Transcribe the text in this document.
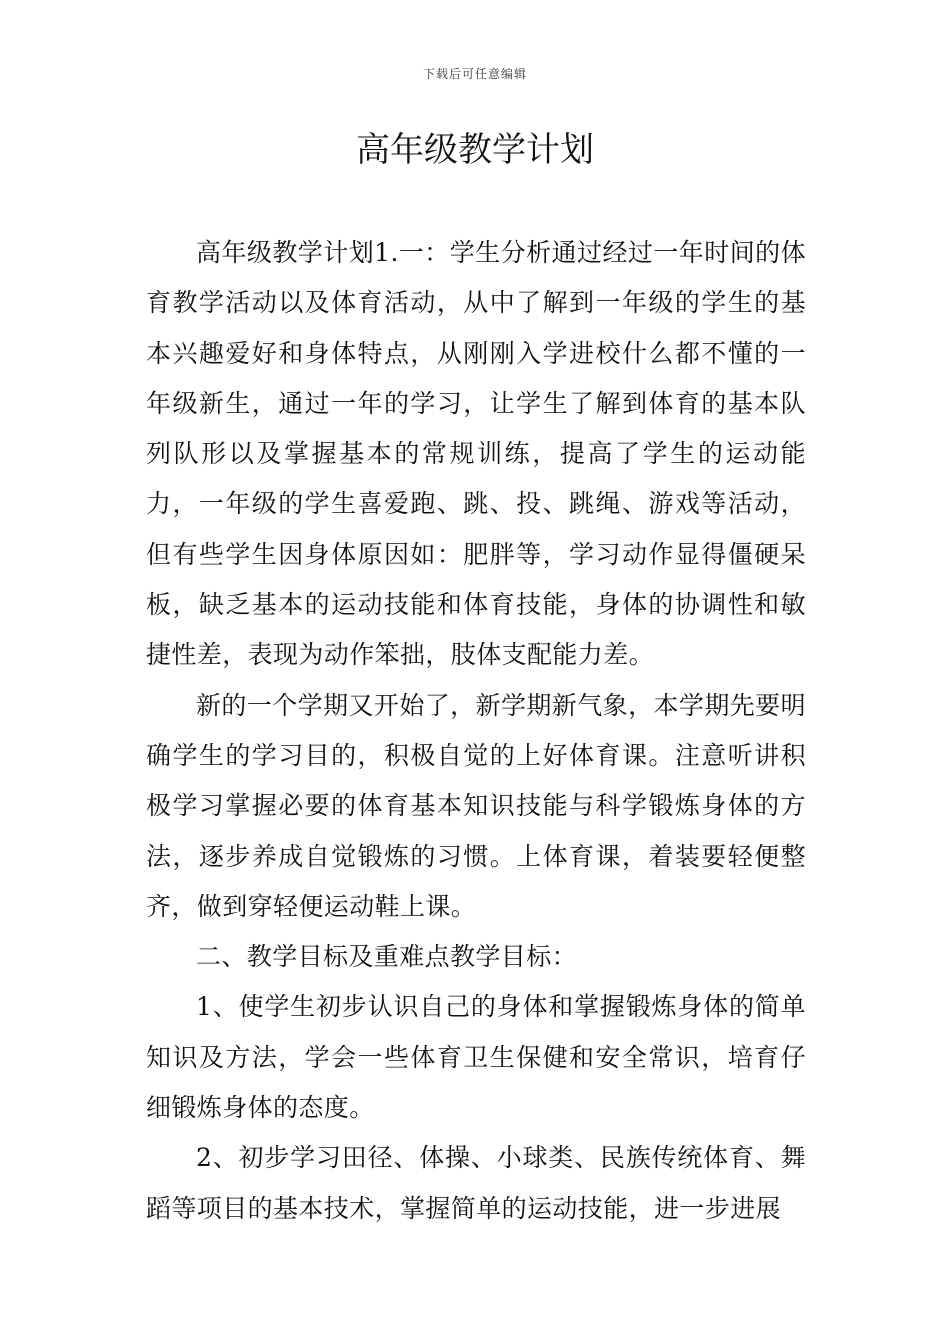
下载后可任意编辑
高年级教学计划

高年级教学计划1.一：学生分析通过经过一年时间的体育教学活动以及体育活动，从中了解到一年级的学生的基本兴趣爱好和身体特点，从刚刚入学进校什么都不懂的一年级新生，通过一年的学习，让学生了解到体育的基本队列队形以及掌握基本的常规训练，提高了学生的运动能力，一年级的学生喜爱跑、跳、投、跳绳、游戏等活动，但有些学生因身体原因如：肥胖等，学习动作显得僵硬呆板，缺乏基本的运动技能和体育技能，身体的协调性和敏捷性差，表现为动作笨拙，肢体支配能力差。

新的一个学期又开始了，新学期新气象，本学期先要明确学生的学习目的，积极自觉的上好体育课。注意听讲积极学习掌握必要的体育基本知识技能与科学锻炼身体的方法，逐步养成自觉锻炼的习惯。上体育课，着装要轻便整齐，做到穿轻便运动鞋上课。

二、教学目标及重难点教学目标：

1、使学生初步认识自己的身体和掌握锻炼身体的简单知识及方法，学会一些体育卫生保健和安全常识，培育仔细锻炼身体的态度。

2、初步学习田径、体操、小球类、民族传统体育、舞蹈等项目的基本技术，掌握简单的运动技能，进一步进展
